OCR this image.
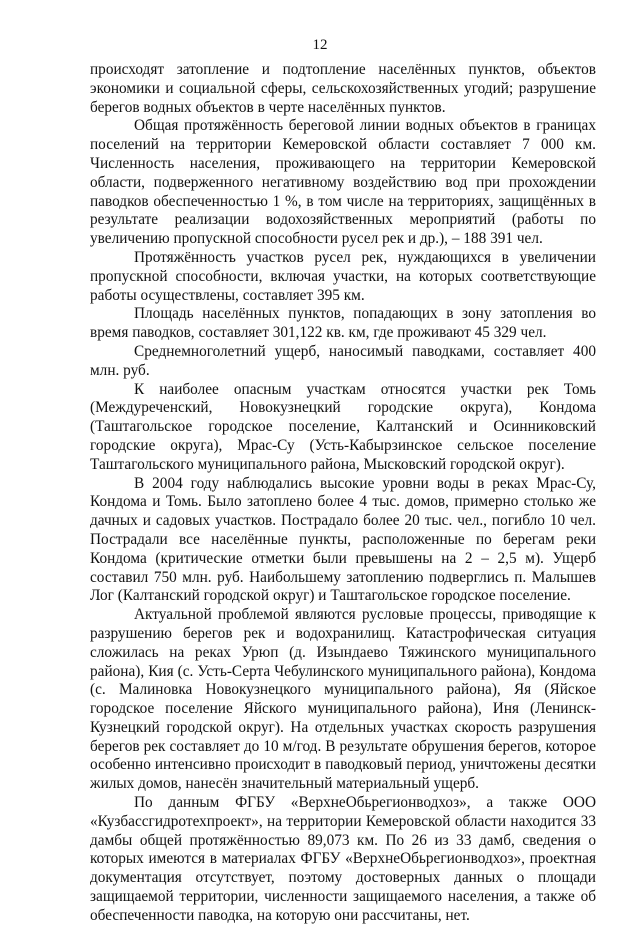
12

происходят затопление и подтопление населённых пунктов, объектов экономики и социальной сферы, сельскохозяйственных угодий; разрушение берегов водных объектов в черте населённых пунктов.

Общая протяжённость береговой линии водных объектов в границах поселений на территории Кемеровской области составляет 7 000 км. Численность населения, проживающего на территории Кемеровской области, подверженного негативному воздействию вод при прохождении паводков обеспеченностью 1 %, в том числе на территориях, защищённых в результате реализации водохозяйственных мероприятий (работы по увеличению пропускной способности русел рек и др.), – 188 391 чел.

Протяжённость участков русел рек, нуждающихся в увеличении пропускной способности, включая участки, на которых соответствующие работы осуществлены, составляет 395 км.

Площадь населённых пунктов, попадающих в зону затопления во время паводков, составляет 301,122 кв. км, где проживают 45 329 чел.

Среднемноголетний ущерб, наносимый паводками, составляет 400 млн. руб.

К наиболее опасным участкам относятся участки рек Томь (Междуреченский, Новокузнецкий городские округа), Кондома (Таштагольское городское поселение, Калтанский и Осинниковский городские округа), Мрас-Су (Усть-Кабырзинское сельское поселение Таштагольского муниципального района, Мысковский городской округ).

В 2004 году наблюдались высокие уровни воды в реках Мрас-Су, Кондома и Томь. Было затоплено более 4 тыс. домов, примерно столько же дачных и садовых участков. Пострадало более 20 тыс. чел., погибло 10 чел. Пострадали все населённые пункты, расположенные по берегам реки Кондома (критические отметки были превышены на 2 – 2,5 м). Ущерб составил 750 млн. руб. Наибольшему затоплению подверглись п. Малышев Лог (Калтанский городской округ) и Таштагольское городское поселение.

Актуальной проблемой являются русловые процессы, приводящие к разрушению берегов рек и водохранилищ. Катастрофическая ситуация сложилась на реках Урюп (д. Изындаево Тяжинского муниципального района), Кия (с. Усть-Серта Чебулинского муниципального района), Кондома (с. Малиновка Новокузнецкого муниципального района), Яя (Яйское городское поселение Яйского муниципального района), Иня (Ленинск-Кузнецкий городской округ). На отдельных участках скорость разрушения берегов рек составляет до 10 м/год. В результате обрушения берегов, которое особенно интенсивно происходит в паводковый период, уничтожены десятки жилых домов, нанесён значительный материальный ущерб.

По данным ФГБУ «ВерхнеОбьрегионводхоз», а также ООО «Кузбассгидротехпроект», на территории Кемеровской области находится 33 дамбы общей протяжённостью 89,073 км. По 26 из 33 дамб, сведения о которых имеются в материалах ФГБУ «ВерхнеОбьрегионводхоз», проектная документация отсутствует, поэтому достоверных данных о площади защищаемой территории, численности защищаемого населения, а также об обеспеченности паводка, на которую они рассчитаны, нет.
